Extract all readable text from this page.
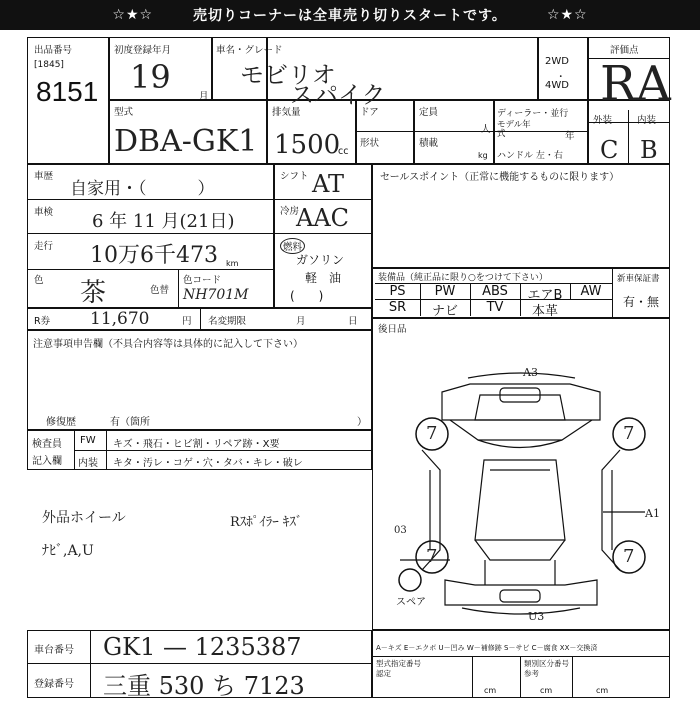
☆★☆	売切りコーナーは全車売り切りスタートです。	☆★☆
出品番号
[1845]
8151
初度登録年月
19
月
車名・グレード
モビリオ
スパイク
2WD
・
4WD
評価点
RA
外装	内装
C B
型式
DBA-GK1
排気量
1500
cc
ドア
形状
定員
人
積載
kg
ディーラー・並行
モデル年式	年
ハンドル 左・右
車歴
自家用・（　　　）
車検 6 年 11 月(21日)
走行 10万6千473 km
色 茶	色替
色コード
NH701M
シフト AT
冷房
AAC
燃料
ガソリン
軽　油
(　　)
セールスポイント（正常に機能するものに限ります）
装備品（純正品に限り○をつけて下さい）
PS	PW	ABS	エアB	AW
SR	ナビ	TV	本革
新車保証書
有・無
R券 11,670	円 名変期限	月	日
注意事項申告欄（不具合内容等は具体的に記入して下さい）
修復歴	有（箇所	）
後日品
検査員
記入欄
FW キズ・飛石・ヒビ割・リペア跡・X要
内装 キタ・汚レ・コゲ・穴・タバ・キレ・破レ
外品ホイール
ﾅﾋﾞ,A,U
Rｽﾎﾟｲﾗｰ ｷｽﾞ
7	7
7	7
A3
A1
03
U3
スペア
車台番号 GK1 — 1235387
登録番号 三重 530 ち 7123
A－キズ E－エクボ U－凹み W－補修跡 S－サビ C－腐食 XX－交換済
型式指定番号
認定
類別区分番号
参考
cm	cm	cm
